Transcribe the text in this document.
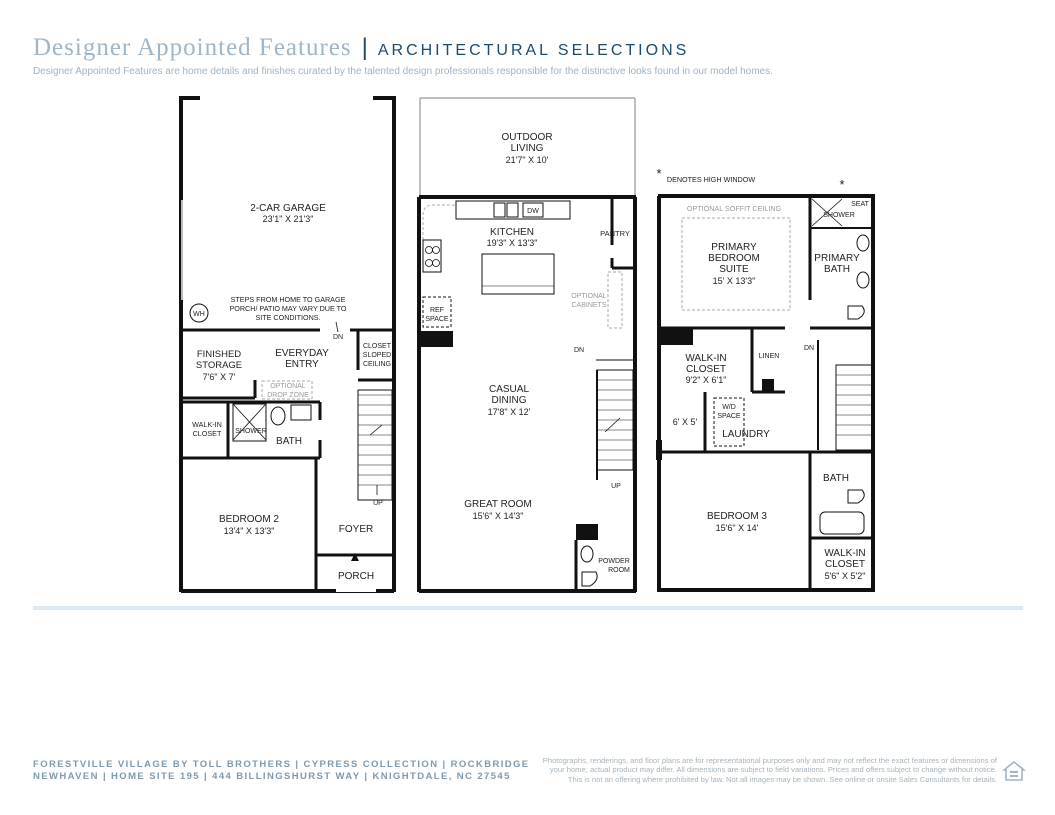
Designer Appointed Features | ARCHITECTURAL SELECTIONS
Designer Appointed Features are home details and finishes curated by the talented design professionals responsible for the distinctive looks found in our model homes.
2-CAR GARAGE
23'1" X 21'3"
WH
STEPS FROM HOME TO GARAGE
PORCH/ PATIO MAY VARY DUE TO
SITE CONDITIONS.
DN
FINISHED
STORAGE
7'6" X 7'
EVERYDAY
ENTRY
OPTIONAL
DROP ZONE
CLOSET
SLOPED
CEILING
WALK-IN
CLOSET SHOWER
BATH
BEDROOM 2
13'4" X 13'3"
UP
FOYER
PORCH
OUTDOOR
LIVING
21'7" X 10'
DW
KITCHEN
19'3" X 13'3"
PANTRY
REF
SPACE
OPTIONAL
CABINETS
DN
CASUAL
DINING
17'8" X 12'
GREAT ROOM
15'6" X 14'3"
UP
POWDER
ROOM
* DENOTES HIGH WINDOW	*
OPTIONAL SOFFIT CEILING
PRIMARY
BEDROOM
SUITE
15' X 13'3"
SEAT
SHOWER
PRIMARY
BATH
DN
WALK-IN
CLOSET
9'2" X 6'1"
LINEN
W/D
SPACE
6' X 5'
LAUNDRY
BATH
BEDROOM 3
15'6" X 14'
WALK-IN
CLOSET
5'6" X 5'2"
FORESTVILLE VILLAGE BY TOLL BROTHERS | CYPRESS COLLECTION | ROCKBRIDGE
NEWHAVEN | HOME SITE 195 | 444 BILLINGSHURST WAY | KNIGHTDALE, NC 27545
Photographs, renderings, and floor plans are for representational purposes only and may not reflect the exact features or dimensions of
your home; actual product may differ. All dimensions are subject to field variations. Prices and offers subject to change without notice.
This is not an offering where prohibited by law. Not all images may be shown. See online or onsite Sales Consultants for details.
